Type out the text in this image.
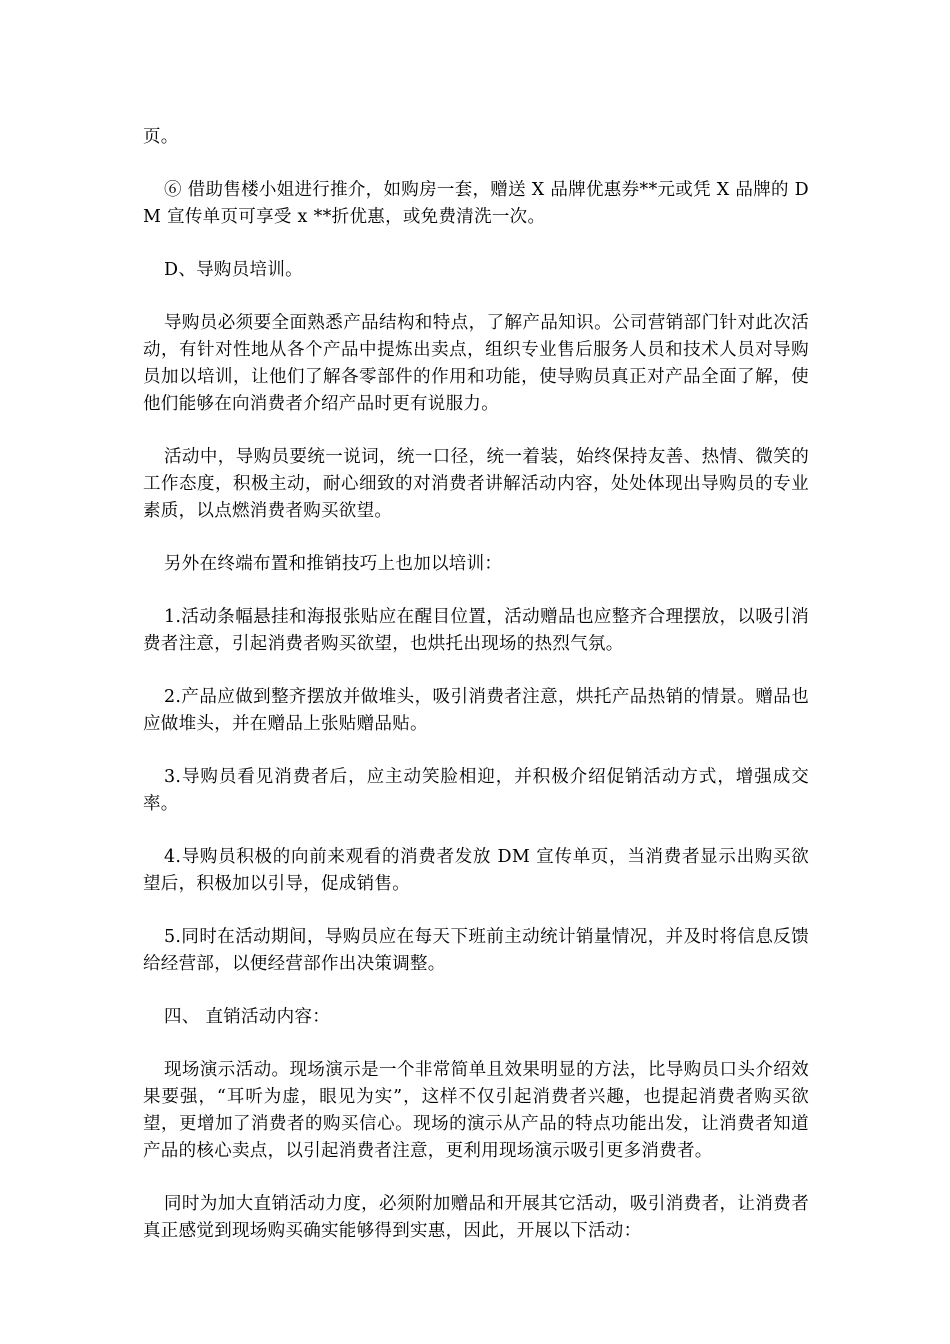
页。

⑥ 借助售楼小姐进行推介，如购房一套，赠送 X 品牌优惠券**元或凭 X 品牌的 DM 宣传单页可享受 x **折优惠，或免费清洗一次。

D、导购员培训。

导购员必须要全面熟悉产品结构和特点，了解产品知识。公司营销部门针对此次活动，有针对性地从各个产品中提炼出卖点，组织专业售后服务人员和技术人员对导购员加以培训，让他们了解各零部件的作用和功能，使导购员真正对产品全面了解，使他们能够在向消费者介绍产品时更有说服力。

活动中，导购员要统一说词，统一口径，统一着装，始终保持友善、热情、微笑的工作态度，积极主动，耐心细致的对消费者讲解活动内容，处处体现出导购员的专业素质，以点燃消费者购买欲望。

另外在终端布置和推销技巧上也加以培训：

1.活动条幅悬挂和海报张贴应在醒目位置，活动赠品也应整齐合理摆放，以吸引消费者注意，引起消费者购买欲望，也烘托出现场的热烈气氛。

2.产品应做到整齐摆放并做堆头，吸引消费者注意，烘托产品热销的情景。赠品也应做堆头，并在赠品上张贴赠品贴。

3.导购员看见消费者后，应主动笑脸相迎，并积极介绍促销活动方式，增强成交率。

4.导购员积极的向前来观看的消费者发放 DM 宣传单页，当消费者显示出购买欲望后，积极加以引导，促成销售。

5.同时在活动期间，导购员应在每天下班前主动统计销量情况，并及时将信息反馈给经营部，以便经营部作出决策调整。

四、 直销活动内容：

现场演示活动。现场演示是一个非常简单且效果明显的方法，比导购员口头介绍效果要强，“耳听为虚，眼见为实”，这样不仅引起消费者兴趣，也提起消费者购买欲望，更增加了消费者的购买信心。现场的演示从产品的特点功能出发，让消费者知道产品的核心卖点，以引起消费者注意，更利用现场演示吸引更多消费者。

同时为加大直销活动力度，必须附加赠品和开展其它活动，吸引消费者，让消费者真正感觉到现场购买确实能够得到实惠，因此，开展以下活动：
